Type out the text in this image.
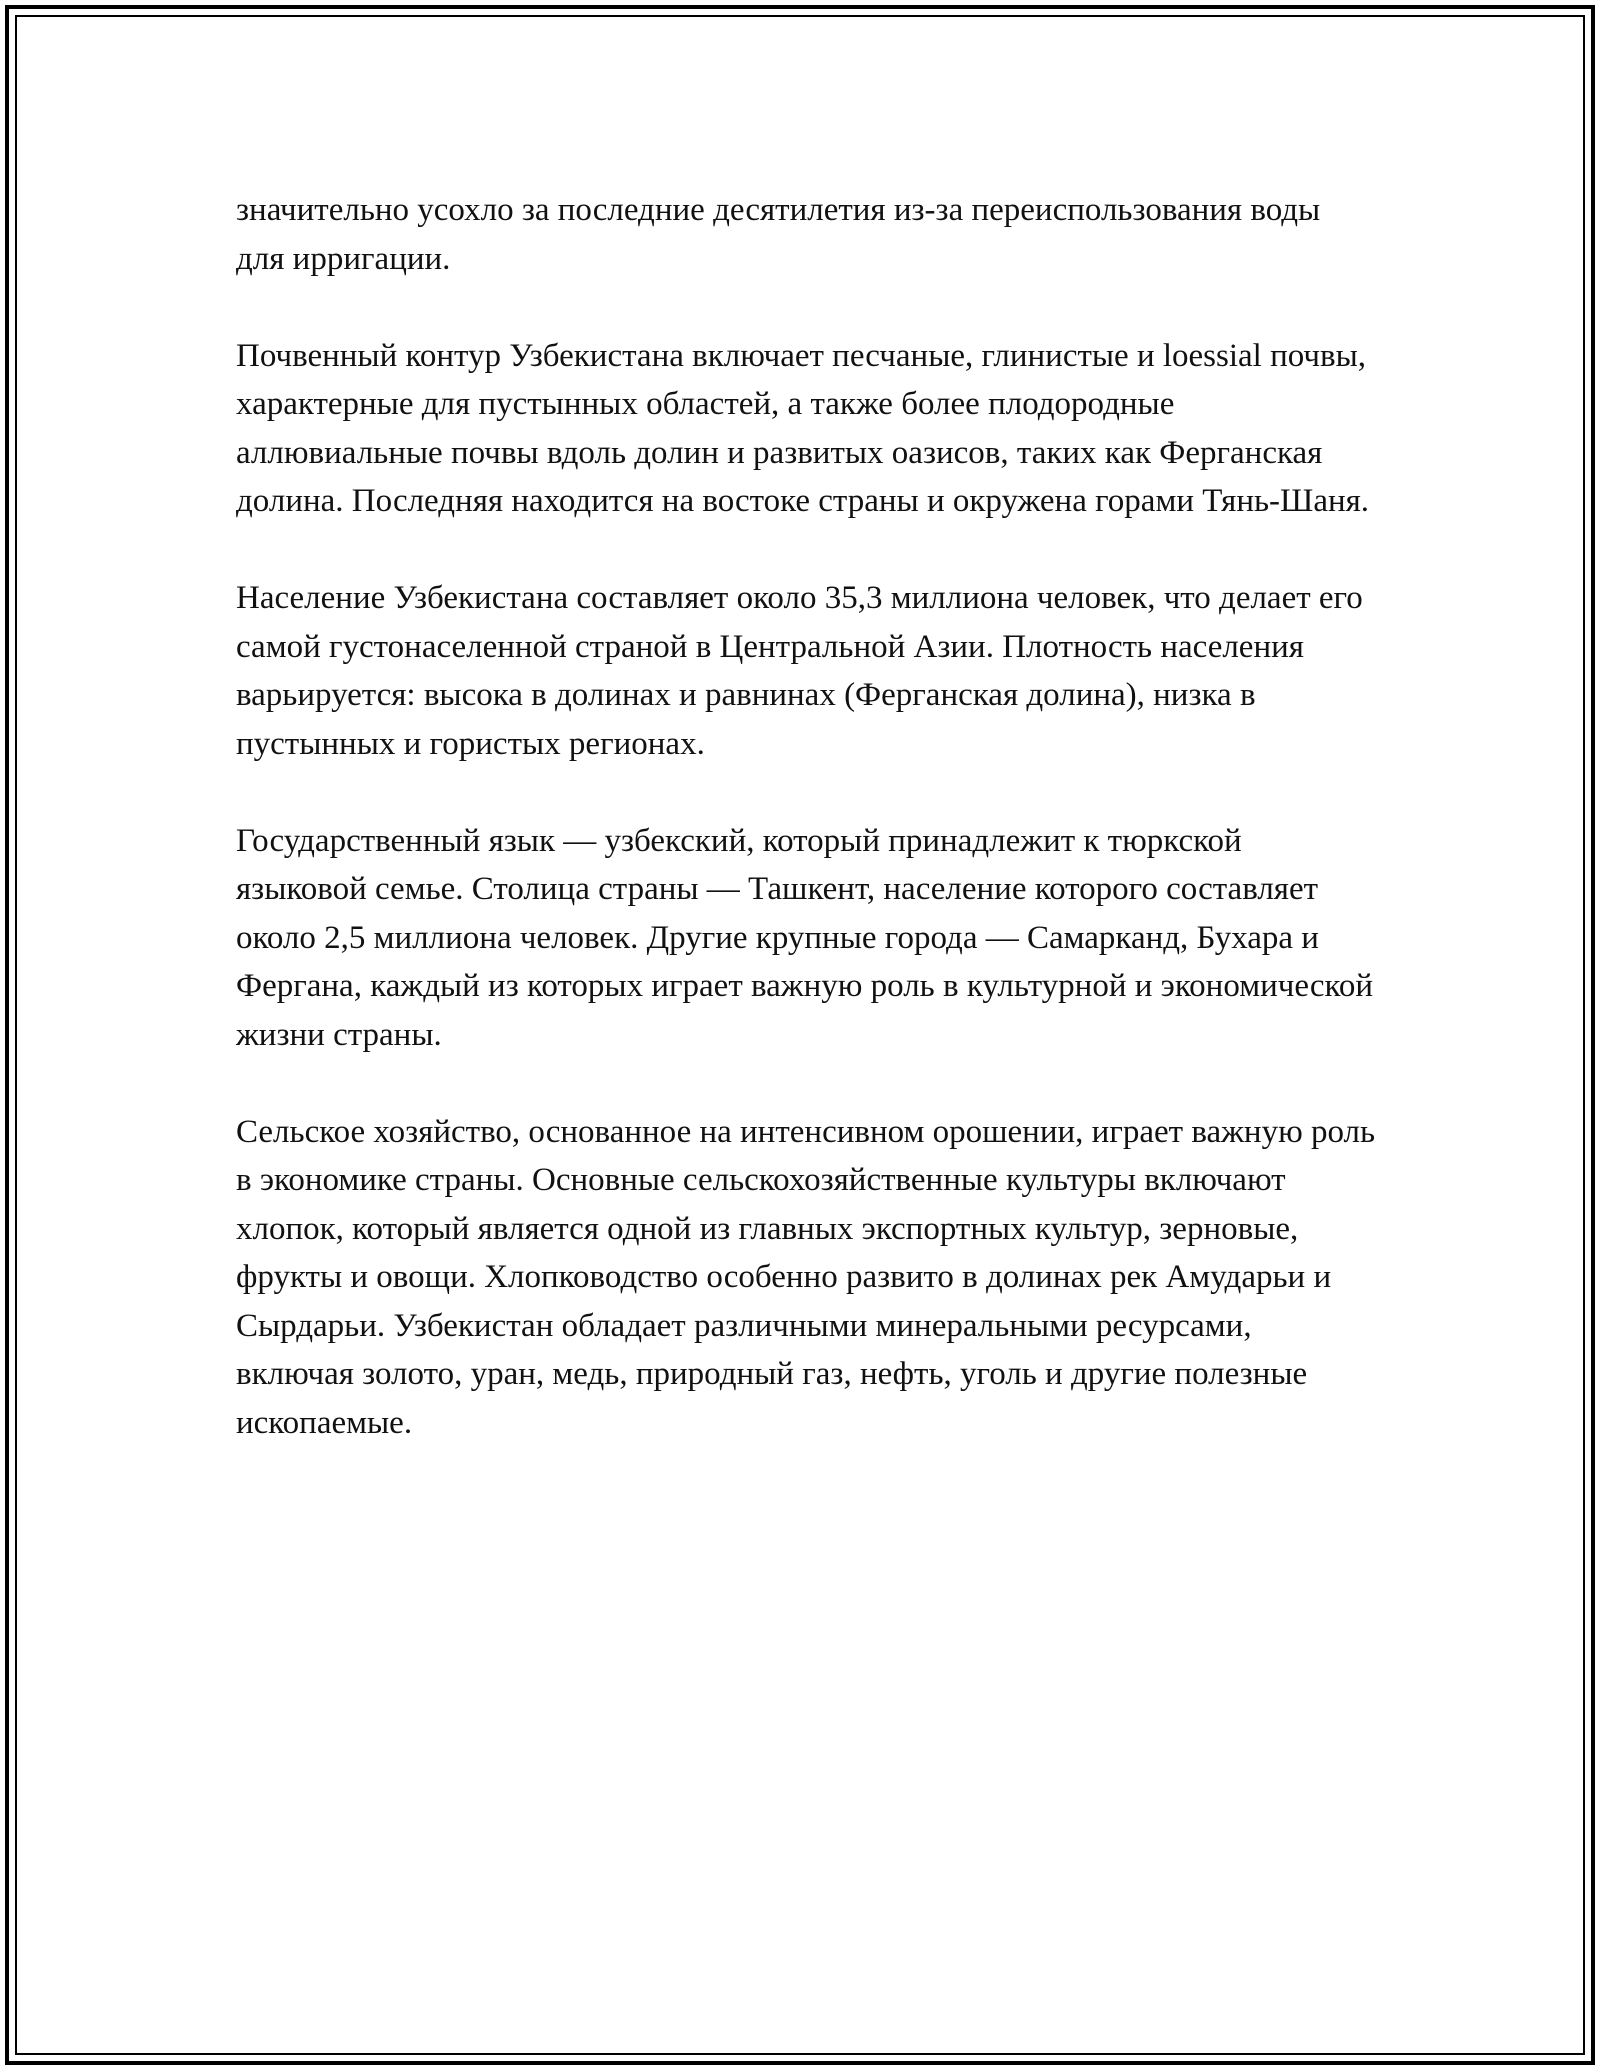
значительно усохло за последние десятилетия из-за переиспользования воды для ирригации.

Почвенный контур Узбекистана включает песчаные, глинистые и loessial почвы, характерные для пустынных областей, а также более плодородные аллювиальные почвы вдоль долин и развитых оазисов, таких как Ферганская долина. Последняя находится на востоке страны и окружена горами Тянь-Шаня.

Население Узбекистана составляет около 35,3 миллиона человек, что делает его самой густонаселенной страной в Центральной Азии. Плотность населения варьируется: высока в долинах и равнинах (Ферганская долина), низка в пустынных и гористых регионах.

Государственный язык — узбекский, который принадлежит к тюркской языковой семье. Столица страны — Ташкент, население которого составляет около 2,5 миллиона человек. Другие крупные города — Самарканд, Бухара и Фергана, каждый из которых играет важную роль в культурной и экономической жизни страны.

Сельское хозяйство, основанное на интенсивном орошении, играет важную роль в экономике страны. Основные сельскохозяйственные культуры включают хлопок, который является одной из главных экспортных культур, зерновые, фрукты и овощи. Хлопководство особенно развито в долинах рек Амударьи и Сырдарьи. Узбекистан обладает различными минеральными ресурсами, включая золото, уран, медь, природный газ, нефть, уголь и другие полезные ископаемые.
